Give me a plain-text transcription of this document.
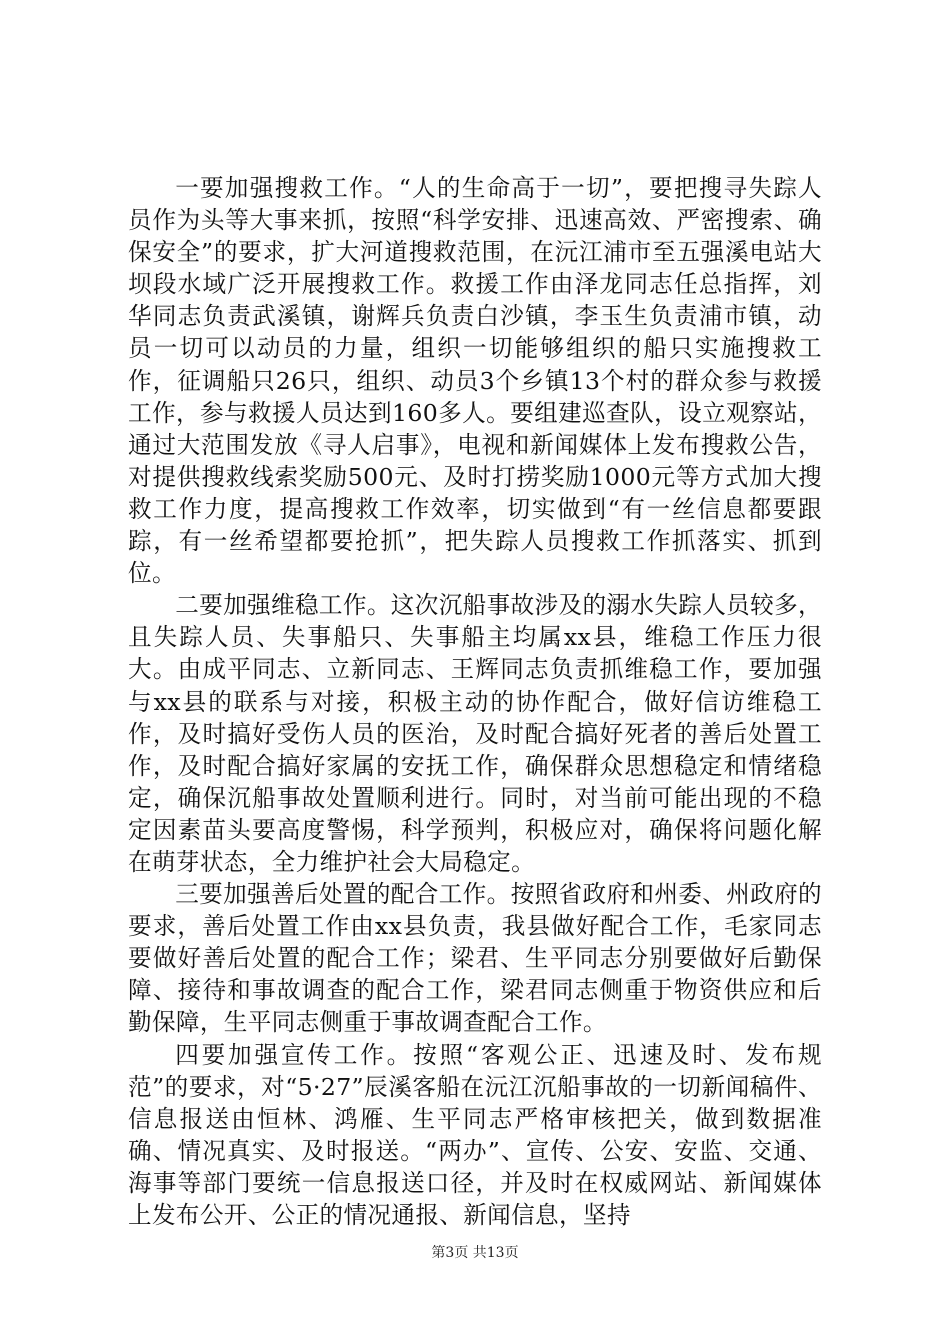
一要加强搜救工作。“人的生命高于一切”，要把搜寻失踪人员作为头等大事来抓，按照“科学安排、迅速高效、严密搜索、确保安全”的要求，扩大河道搜救范围，在沅江浦市至五强溪电站大坝段水域广泛开展搜救工作。救援工作由泽龙同志任总指挥，刘华同志负责武溪镇，谢辉兵负责白沙镇，李玉生负责浦市镇，动员一切可以动员的力量，组织一切能够组织的船只实施搜救工作，征调船只26只，组织、动员3个乡镇13个村的群众参与救援工作，参与救援人员达到160多人。要组建巡查队，设立观察站，通过大范围发放《寻人启事》，电视和新闻媒体上发布搜救公告，对提供搜救线索奖励500元、及时打捞奖励1000元等方式加大搜救工作力度，提高搜救工作效率，切实做到“有一丝信息都要跟踪，有一丝希望都要抢抓”，把失踪人员搜救工作抓落实、抓到位。

二要加强维稳工作。这次沉船事故涉及的溺水失踪人员较多，且失踪人员、失事船只、失事船主均属xx县，维稳工作压力很大。由成平同志、立新同志、王辉同志负责抓维稳工作，要加强与xx县的联系与对接，积极主动的协作配合，做好信访维稳工作，及时搞好受伤人员的医治，及时配合搞好死者的善后处置工作，及时配合搞好家属的安抚工作，确保群众思想稳定和情绪稳定，确保沉船事故处置顺利进行。同时，对当前可能出现的不稳定因素苗头要高度警惕，科学预判，积极应对，确保将问题化解在萌芽状态，全力维护社会大局稳定。

三要加强善后处置的配合工作。按照省政府和州委、州政府的要求，善后处置工作由xx县负责，我县做好配合工作，毛家同志要做好善后处置的配合工作；梁君、生平同志分别要做好后勤保障、接待和事故调查的配合工作，梁君同志侧重于物资供应和后勤保障，生平同志侧重于事故调查配合工作。

四要加强宣传工作。按照“客观公正、迅速及时、发布规范”的要求，对“5·27”辰溪客船在沅江沉船事故的一切新闻稿件、信息报送由恒林、鸿雁、生平同志严格审核把关，做到数据准确、情况真实、及时报送。“两办”、宣传、公安、安监、交通、海事等部门要统一信息报送口径，并及时在权威网站、新闻媒体上发布公开、公正的情况通报、新闻信息，坚持

第3页 共13页
